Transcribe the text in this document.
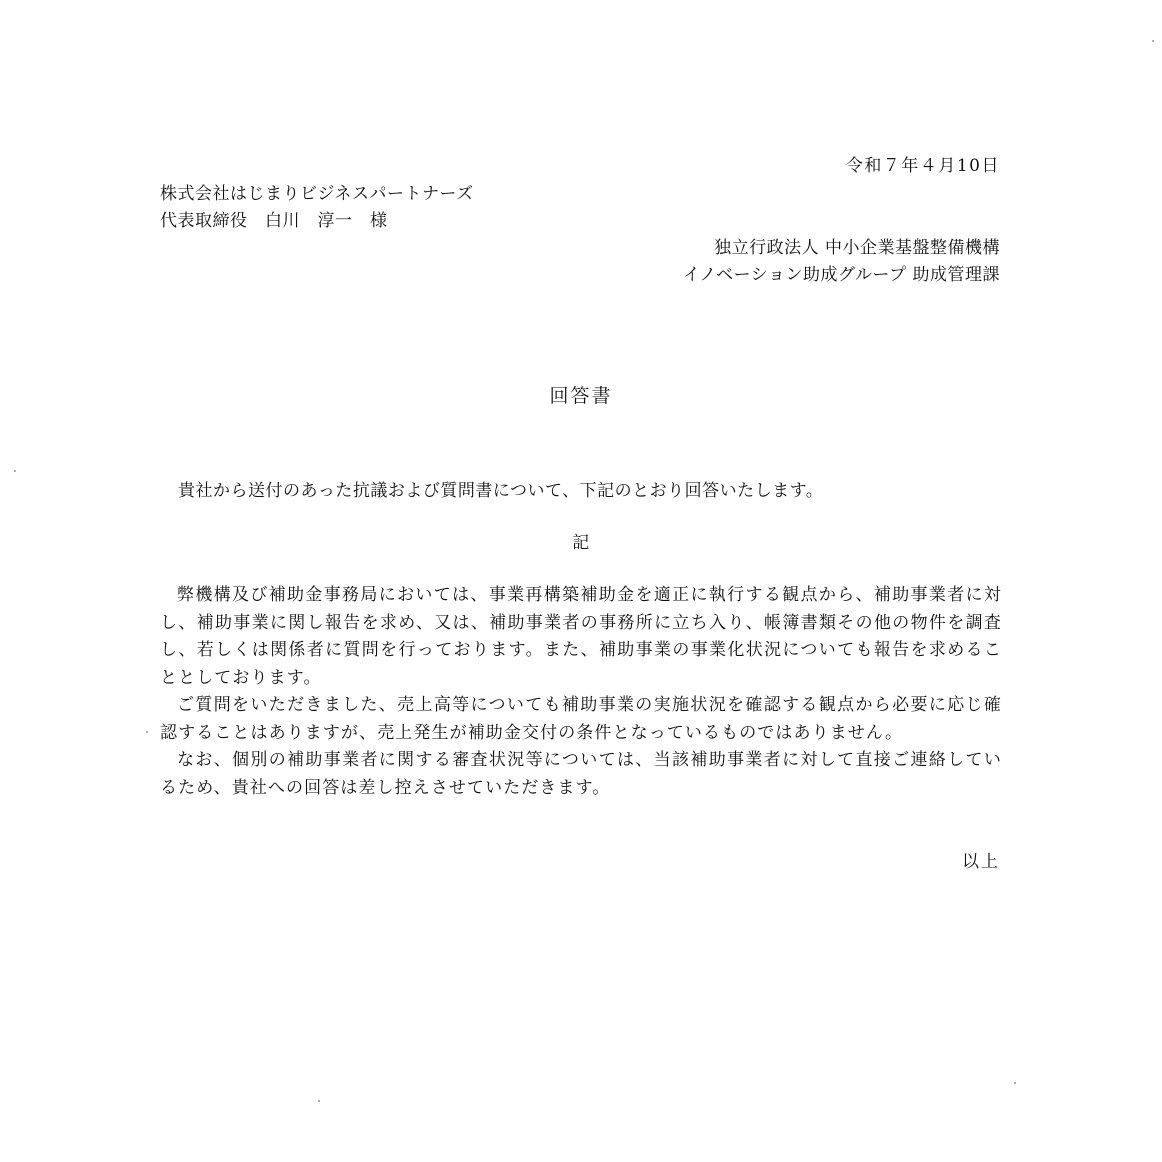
令和７年４月10日
株式会社はじまりビジネスパートナーズ
代表取締役　白川　淳一　様
独立行政法人 中小企業基盤整備機構
イノベーション助成グループ 助成管理課
回答書
貴社から送付のあった抗議および質問書について、下記のとおり回答いたします。
記

弊機構及び補助金事務局においては、事業再構築補助金を適正に執行する観点から、補助事業者に対し、補助事業に関し報告を求め、又は、補助事業者の事務所に立ち入り、帳簿書類その他の物件を調査し、若しくは関係者に質問を行っております。また、補助事業の事業化状況についても報告を求めることとしております。

ご質問をいただきました、売上高等についても補助事業の実施状況を確認する観点から必要に応じ確認することはありますが、売上発生が補助金交付の条件となっているものではありません。

なお、個別の補助事業者に関する審査状況等については、当該補助事業者に対して直接ご連絡しているため、貴社への回答は差し控えさせていただきます。

以上
